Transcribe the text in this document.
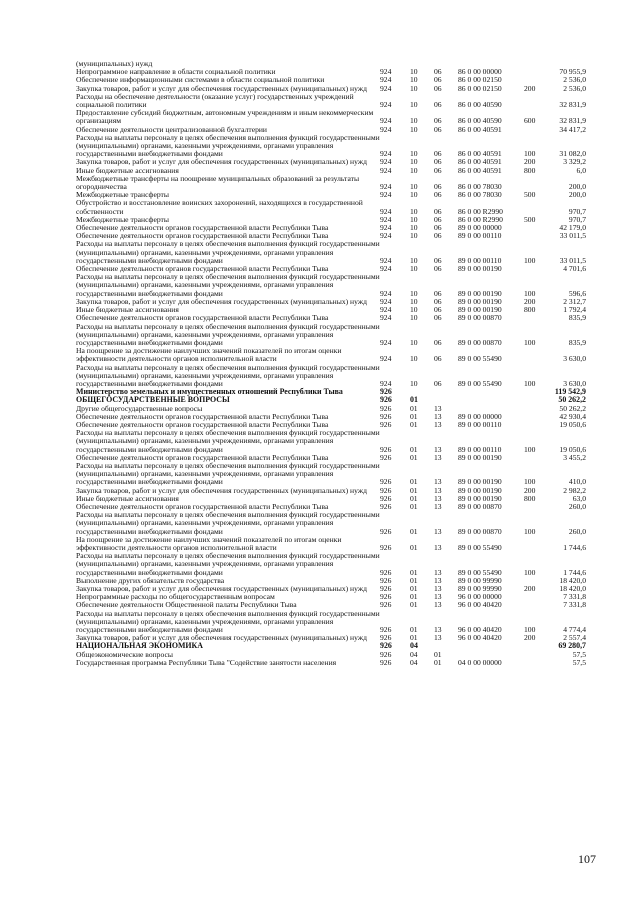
(муниципальных) нужд						
Непрограммное направление в области социальной политики	924	10	06	86 0 00 00000		70 955,9
Обеспечение информационными системами в области социальной политики	924	10	06	86 0 00 02150		2 536,0
Закупка товаров, работ и услуг для обеспечения государственных (муниципальных) нужд	924	10	06	86 0 00 02150	200	2 536,0
Расходы на обеспечение деятельности (оказание услуг) государственных учреждений социальной политики	924	10	06	86 0 00 40590		32 831,9
Предоставление субсидий бюджетным, автономным учреждениям и иным некоммерческим организациям	924	10	06	86 0 00 40590	600	32 831,9
Обеспечение деятельности централизованной бухгалтерии	924	10	06	86 0 00 40591		34 417,2
Расходы на выплаты персоналу в целях обеспечения выполнения функций государственными (муниципальными) органами, казенными учреждениями, органами управления государственными внебюджетными фондами	924	10	06	86 0 00 40591	100	31 082,0
Закупка товаров, работ и услуг для обеспечения государственных (муниципальных) нужд	924	10	06	86 0 00 40591	200	3 329,2
Иные бюджетные ассигнования	924	10	06	86 0 00 40591	800	6,0
Межбюджетные трансферты на поощрение муниципальных образований за результаты огородничества	924	10	06	86 0 00 78030		200,0
Межбюджетные трансферты	924	10	06	86 0 00 78030	500	200,0
Обустройство и восстановление воинских захоронений, находящихся в государственной собственности	924	10	06	86 0 00 R2990		970,7
Межбюджетные трансферты	924	10	06	86 0 00 R2990	500	970,7
Обеспечение деятельности органов государственной власти Республики Тыва	924	10	06	89 0 00 00000		42 179,0
Обеспечение деятельности органов государственной власти Республики Тыва	924	10	06	89 0 00 00110		33 011,5
Расходы на выплаты персоналу в целях обеспечения выполнения функций государственными (муниципальными) органами, казенными учреждениями, органами управления государственными внебюджетными фондами	924	10	06	89 0 00 00110	100	33 011,5
Обеспечение деятельности органов государственной власти Республики Тыва	924	10	06	89 0 00 00190		4 701,6
Расходы на выплаты персоналу в целях обеспечения выполнения функций государственными (муниципальными) органами, казенными учреждениями, органами управления государственными внебюджетными фондами	924	10	06	89 0 00 00190	100	596,6
Закупка товаров, работ и услуг для обеспечения государственных (муниципальных) нужд	924	10	06	89 0 00 00190	200	2 312,7
Иные бюджетные ассигнования	924	10	06	89 0 00 00190	800	1 792,4
Обеспечение деятельности органов государственной власти Республики Тыва	924	10	06	89 0 00 00870		835,9
Расходы на выплаты персоналу в целях обеспечения выполнения функций государственными (муниципальными) органами, казенными учреждениями, органами управления государственными внебюджетными фондами	924	10	06	89 0 00 00870	100	835,9
На поощрение за достижение наилучших значений показателей по итогам оценки эффективности деятельности органов исполнительной власти	924	10	06	89 0 00 55490		3 630,0
Расходы на выплаты персоналу в целях обеспечения выполнения функций государственными (муниципальными) органами, казенными учреждениями, органами управления государственными внебюджетными фондами	924	10	06	89 0 00 55490	100	3 630,0
Министерство земельных и имущественных отношений Республики Тыва	926					119 542,9
ОБЩЕГОСУДАРСТВЕННЫЕ ВОПРОСЫ	926	01				50 262,2
Другие общегосударственные вопросы	926	01	13			50 262,2
Обеспечение деятельности органов государственной власти Республики Тыва	926	01	13	89 0 00 00000		42 930,4
Обеспечение деятельности органов государственной власти Республики Тыва	926	01	13	89 0 00 00110		19 050,6
Расходы на выплаты персоналу в целях обеспечения выполнения функций государственными (муниципальными) органами, казенными учреждениями, органами управления государственными внебюджетными фондами	926	01	13	89 0 00 00110	100	19 050,6
Обеспечение деятельности органов государственной власти Республики Тыва	926	01	13	89 0 00 00190		3 455,2
Расходы на выплаты персоналу в целях обеспечения выполнения функций государственными (муниципальными) органами, казенными учреждениями, органами управления государственными внебюджетными фондами	926	01	13	89 0 00 00190	100	410,0
Закупка товаров, работ и услуг для обеспечения государственных (муниципальных) нужд	926	01	13	89 0 00 00190	200	2 982,2
Иные бюджетные ассигнования	926	01	13	89 0 00 00190	800	63,0
Обеспечение деятельности органов государственной власти Республики Тыва	926	01	13	89 0 00 00870		260,0
Расходы на выплаты персоналу в целях обеспечения выполнения функций государственными (муниципальными) органами, казенными учреждениями, органами управления государственными внебюджетными фондами	926	01	13	89 0 00 00870	100	260,0
На поощрение за достижение наилучших значений показателей по итогам оценки эффективности деятельности органов исполнительной власти	926	01	13	89 0 00 55490		1 744,6
Расходы на выплаты персоналу в целях обеспечения выполнения функций государственными (муниципальными) органами, казенными учреждениями, органами управления государственными внебюджетными фондами	926	01	13	89 0 00 55490	100	1 744,6
Выполнение других обязательств государства	926	01	13	89 0 00 99990		18 420,0
Закупка товаров, работ и услуг для обеспечения государственных (муниципальных) нужд	926	01	13	89 0 00 99990	200	18 420,0
Непрограммные расходы по общегосударственным вопросам	926	01	13	96 0 00 00000		7 331,8
Обеспечение деятельности Общественной палаты Республики Тыва	926	01	13	96 0 00 40420		7 331,8
Расходы на выплаты персоналу в целях обеспечения выполнения функций государственными (муниципальными) органами, казенными учреждениями, органами управления государственными внебюджетными фондами	926	01	13	96 0 00 40420	100	4 774,4
Закупка товаров, работ и услуг для обеспечения государственных (муниципальных) нужд	926	01	13	96 0 00 40420	200	2 557,4
НАЦИОНАЛЬНАЯ ЭКОНОМИКА	926	04				69 280,7
Общеэкономические вопросы	926	04	01			57,5
Государственная программа Республики Тыва "Содействие занятости населения	926	04	01	04 0 00 00000		57,5
107
